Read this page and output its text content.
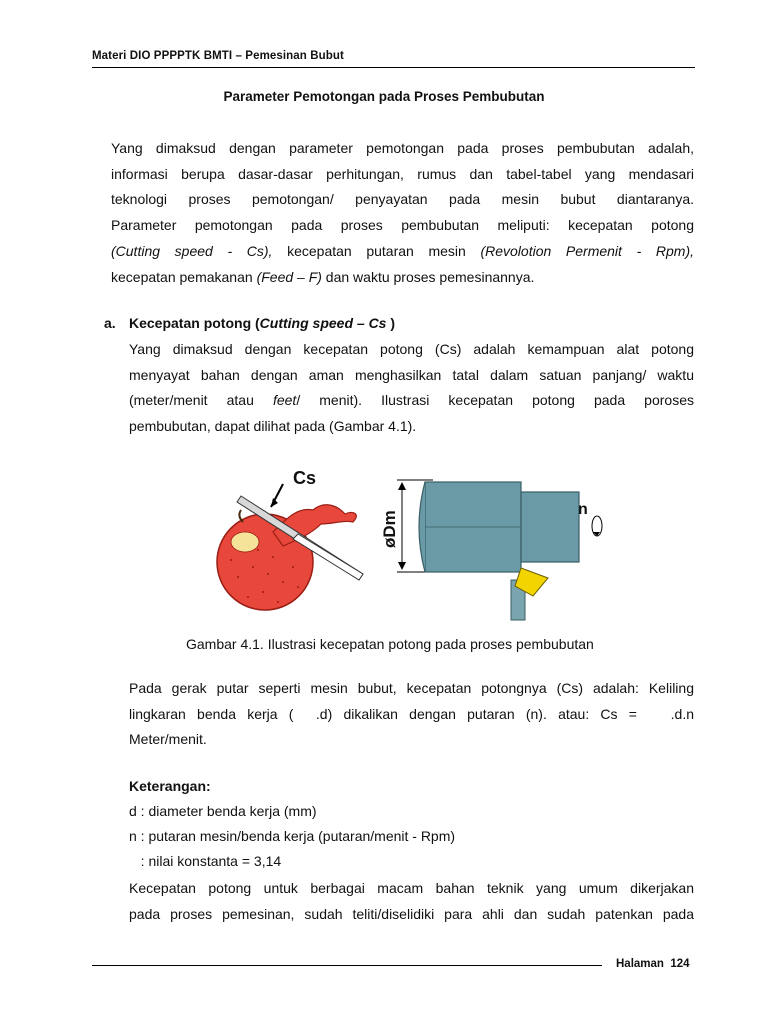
Materi DIO PPPPTK BMTI – Pemesinan Bubut
Parameter Pemotongan pada Proses Pembubutan
Yang dimaksud dengan parameter pemotongan pada proses pembubutan adalah,
informasi berupa dasar-dasar perhitungan, rumus dan tabel-tabel yang mendasari
teknologi proses pemotongan/ penyayatan pada mesin bubut diantaranya.
Parameter pemotongan pada proses pembubutan meliputi: kecepatan potong
(Cutting speed - Cs), kecepatan putaran mesin (Revolotion Permenit - Rpm),
kecepatan pemakanan (Feed – F) dan waktu proses pemesinannya.
a. Kecepatan potong (Cutting speed – Cs )
Yang dimaksud dengan kecepatan potong (Cs) adalah kemampuan alat potong
menyayat bahan dengan aman menghasilkan tatal dalam satuan panjang/ waktu
(meter/menit atau feet/ menit). Ilustrasi kecepatan potong pada poroses
pembubutan, dapat dilihat pada (Gambar 4.1).
Cs
øDm
n
Gambar 4.1. Ilustrasi kecepatan potong pada proses pembubutan
Pada gerak putar seperti mesin bubut, kecepatan potongnya (Cs) adalah: Keliling
lingkaran benda kerja (  .d) dikalikan dengan putaran (n). atau: Cs =   .d.n
Meter/menit.
Keterangan:
d : diameter benda kerja (mm)
n : putaran mesin/benda kerja (putaran/menit - Rpm)
: nilai konstanta = 3,14
Kecepatan potong untuk berbagai macam bahan teknik yang umum dikerjakan
pada proses pemesinan, sudah teliti/diselidiki para ahli dan sudah patenkan pada
Halaman  124
